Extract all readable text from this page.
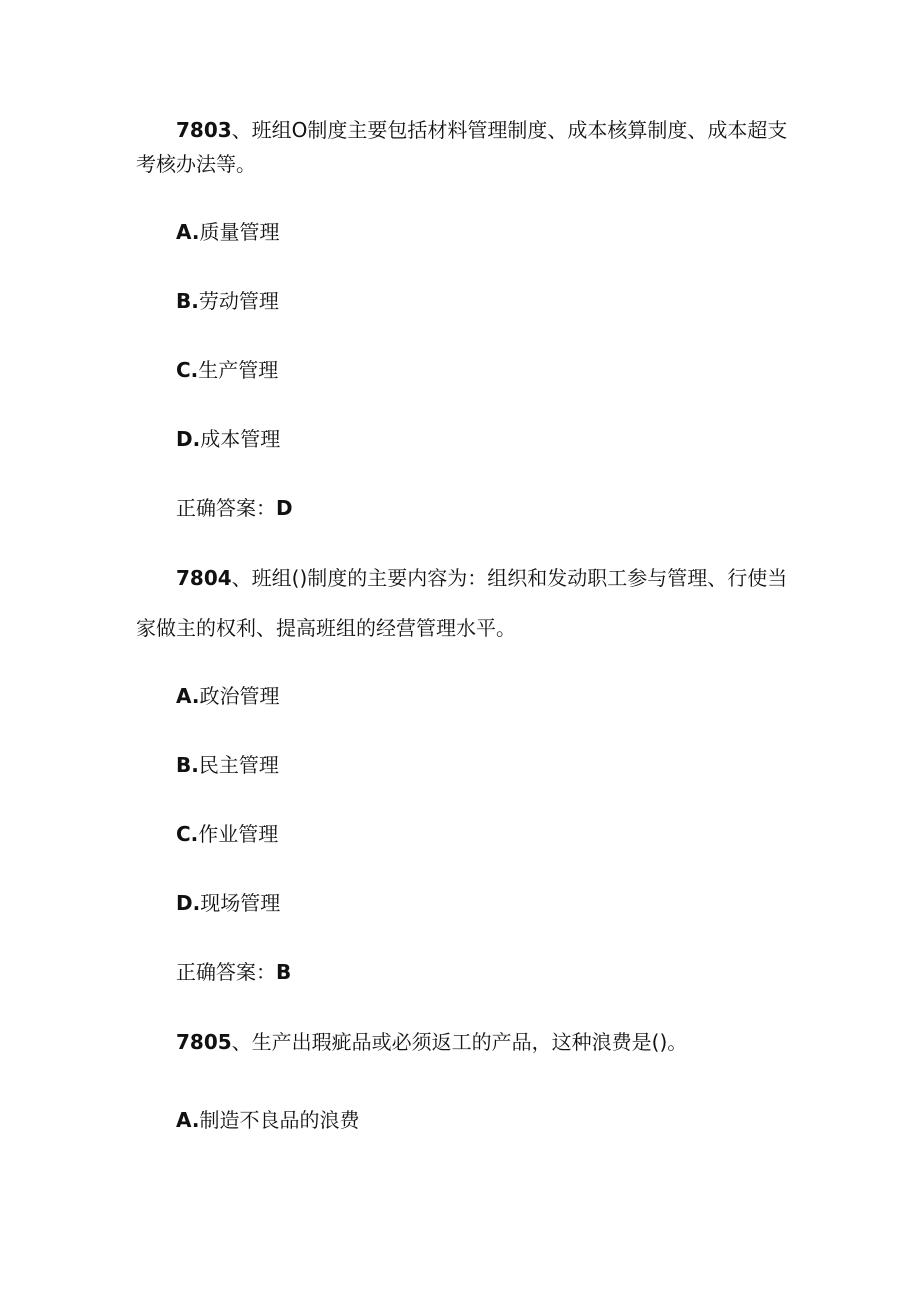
7803、班组O制度主要包括材料管理制度、成本核算制度、成本超支
考核办法等。
A.质量管理
B.劳动管理
C.生产管理
D.成本管理
正确答案：D
7804、班组()制度的主要内容为：组织和发动职工参与管理、行使当
家做主的权利、提高班组的经营管理水平。
A.政治管理
B.民主管理
C.作业管理
D.现场管理
正确答案：B
7805、生产出瑕疵品或必须返工的产品，这种浪费是()。
A.制造不良品的浪费
